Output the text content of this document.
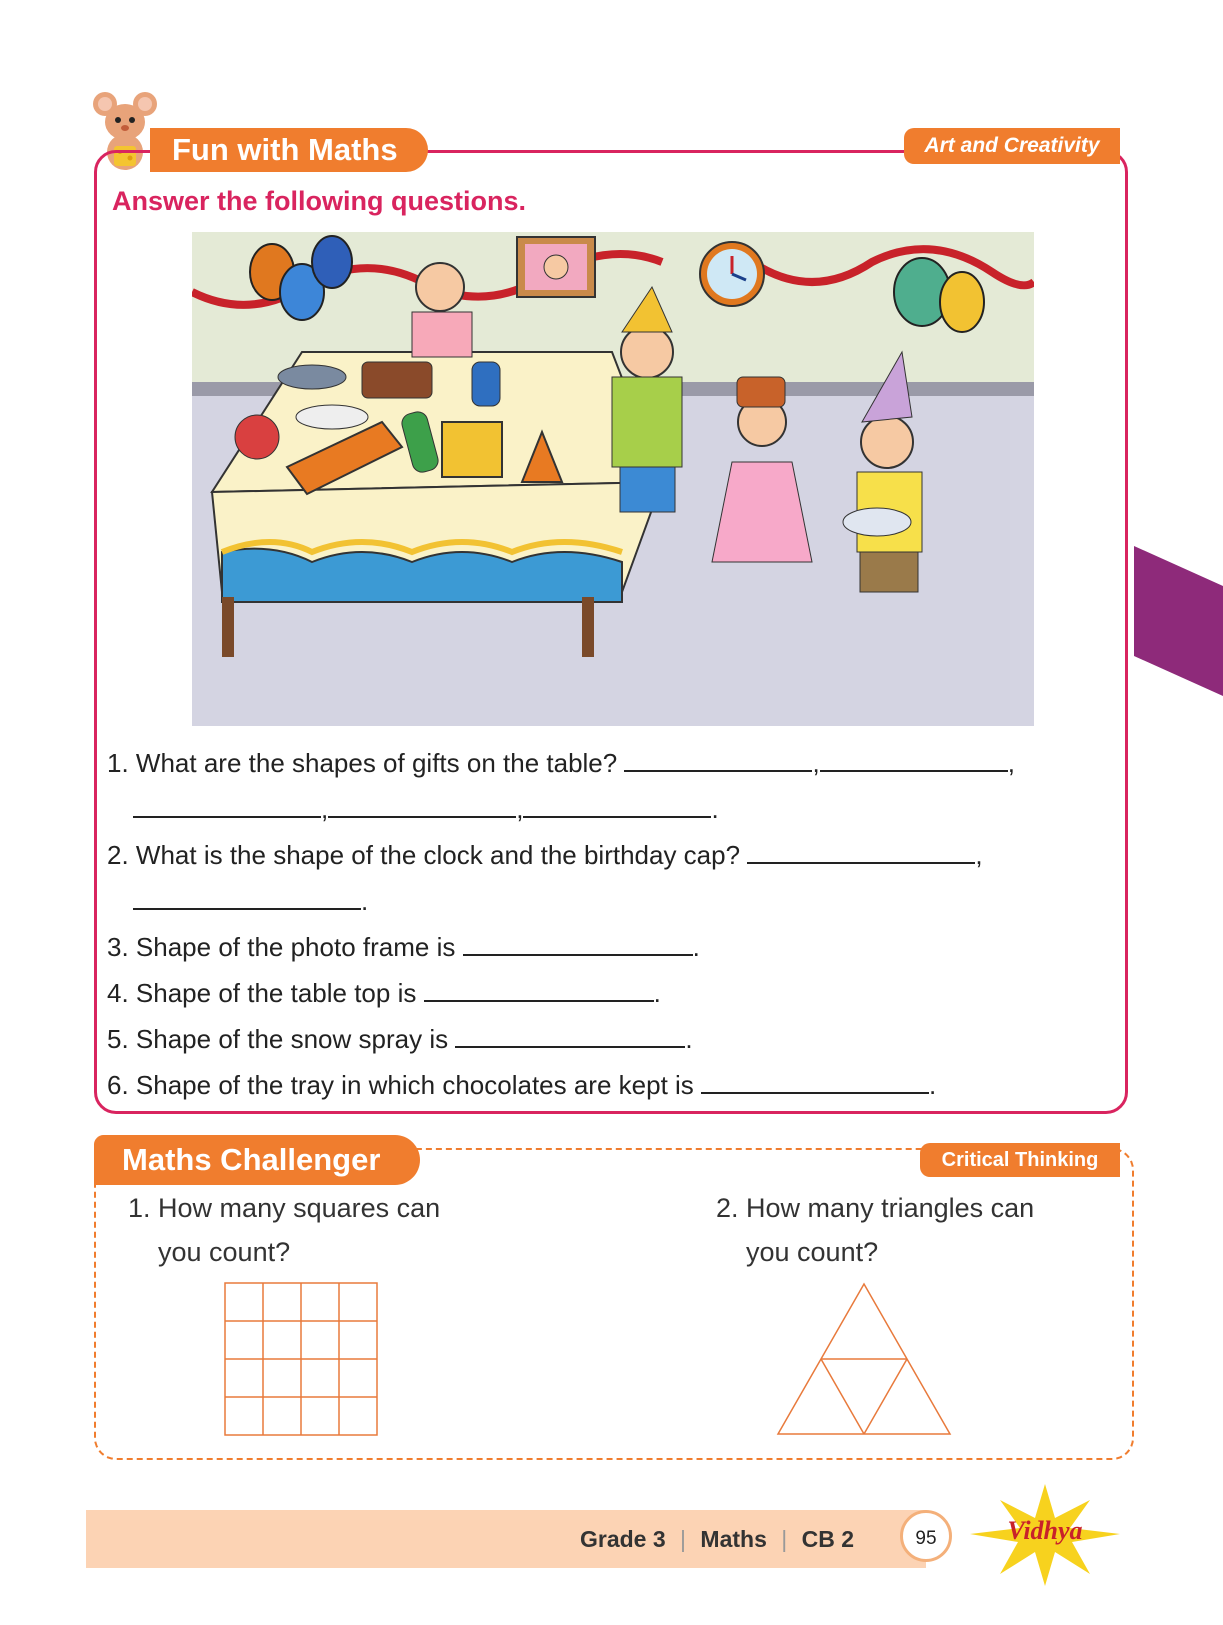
Fun with Maths	Art and Creativity
Answer the following questions.
1. What are the shapes of gifts on the table?	,	,
,	,	.
2. What is the shape of the clock and the birthday cap?	,
.
3. Shape of the photo frame is	.
4. Shape of the table top is	.
5. Shape of the snow spray is	.
6. Shape of the tray in which chocolates are kept is	.
Maths Challenger	Critical Thinking
1. How many squares can
you count?
2. How many triangles can
you count?
Grade 3 | Maths | CB 2	95	Vidhya
